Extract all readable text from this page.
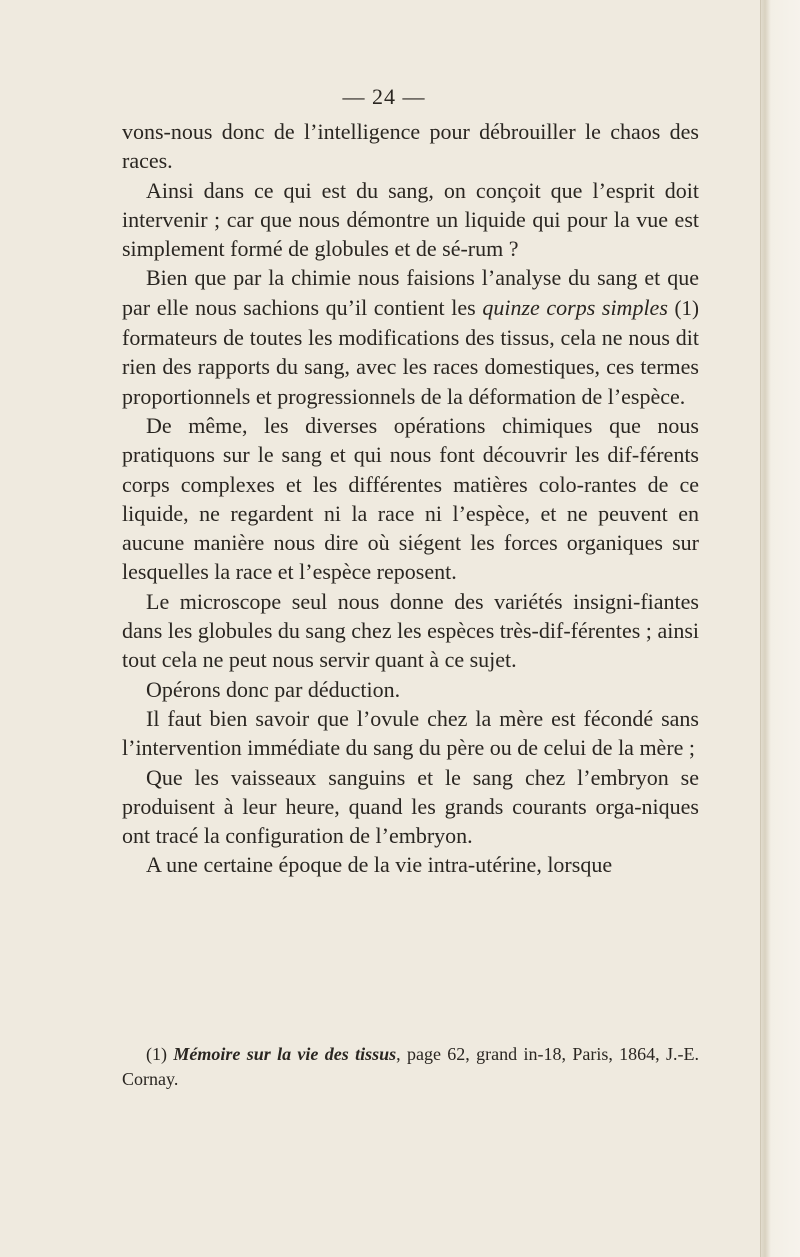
— 24 —

vons-nous donc de l’intelligence pour débrouiller le chaos des races.

Ainsi dans ce qui est du sang, on conçoit que l’esprit doit intervenir ; car que nous démontre un liquide qui pour la vue est simplement formé de globules et de sé-rum ?

Bien que par la chimie nous faisions l’analyse du sang et que par elle nous sachions qu’il contient les quinze corps simples (1) formateurs de toutes les modifications des tissus, cela ne nous dit rien des rapports du sang, avec les races domestiques, ces termes proportionnels et progressionnels de la déformation de l’espèce.

De même, les diverses opérations chimiques que nous pratiquons sur le sang et qui nous font découvrir les dif-férents corps complexes et les différentes matières colo-rantes de ce liquide, ne regardent ni la race ni l’espèce, et ne peuvent en aucune manière nous dire où siégent les forces organiques sur lesquelles la race et l’espèce reposent.

Le microscope seul nous donne des variétés insigni-fiantes dans les globules du sang chez les espèces très-dif-férentes ; ainsi tout cela ne peut nous servir quant à ce sujet.

Opérons donc par déduction.

Il faut bien savoir que l’ovule chez la mère est fécondé sans l’intervention immédiate du sang du père ou de celui de la mère ;

Que les vaisseaux sanguins et le sang chez l’embryon se produisent à leur heure, quand les grands courants orga-niques ont tracé la configuration de l’embryon.

A une certaine époque de la vie intra-utérine, lorsque

(1) Mémoire sur la vie des tissus, page 62, grand in-18, Paris, 1864, J.-E. Cornay.
